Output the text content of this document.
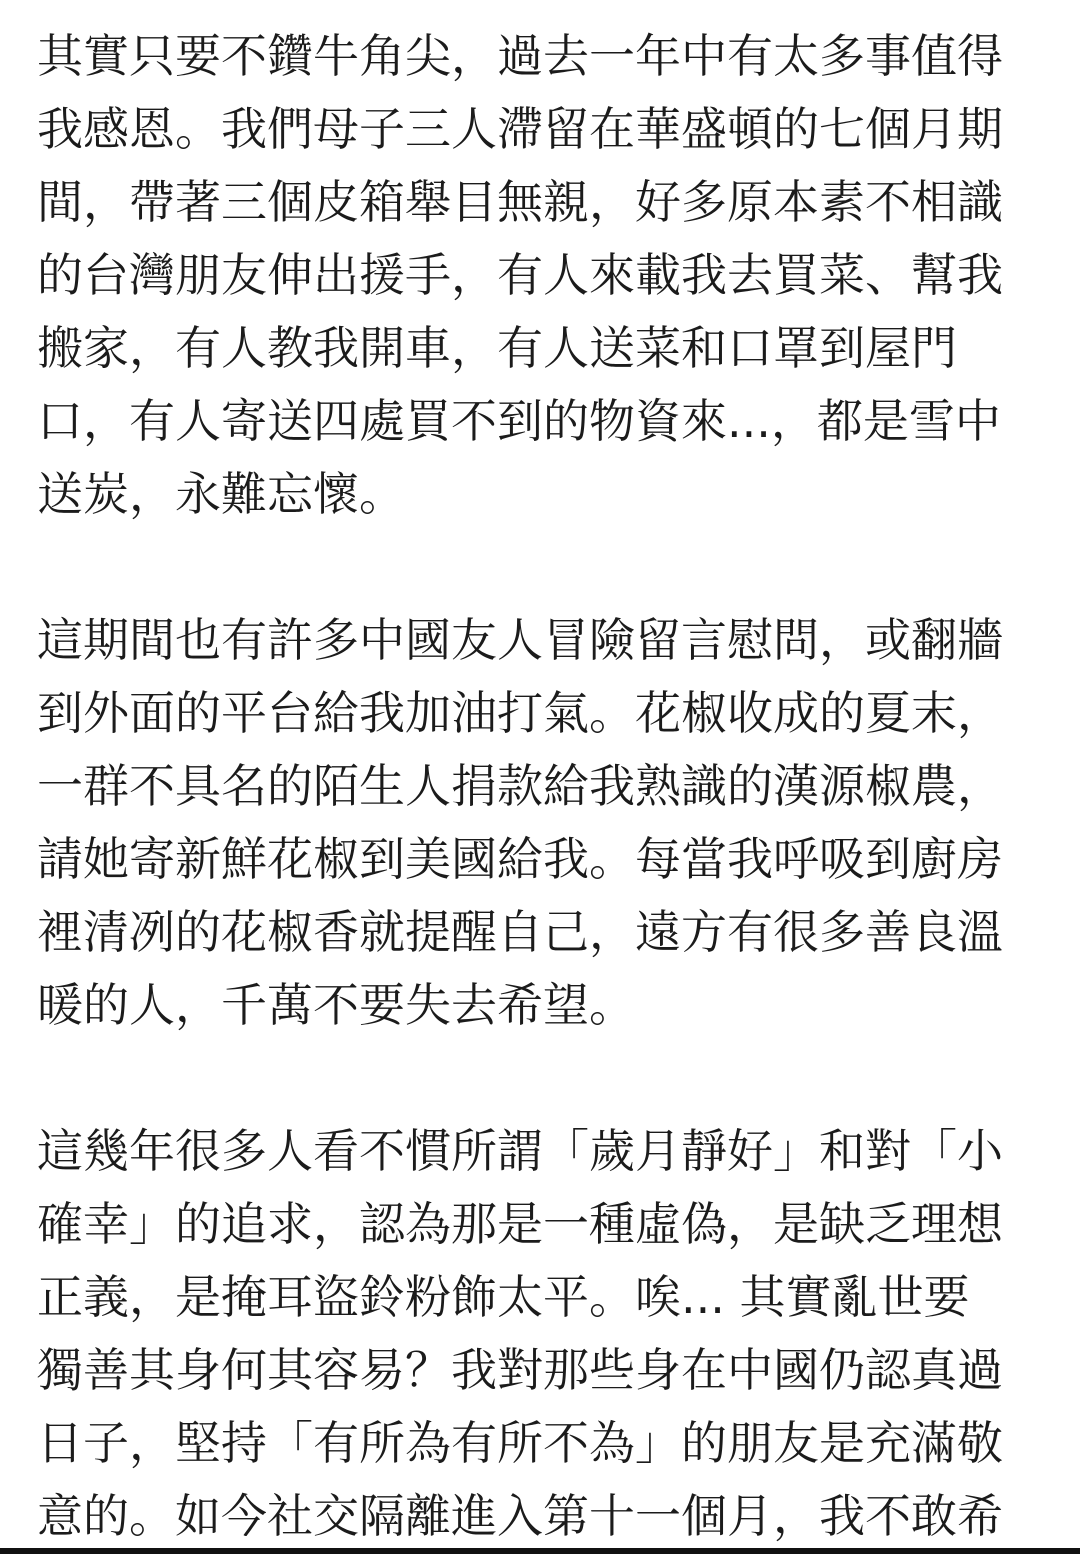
其實只要不鑽牛角尖，過去一年中有太多事值得
我感恩。我們母子三人滯留在華盛頓的七個月期
間，帶著三個皮箱舉目無親，好多原本素不相識
的台灣朋友伸出援手，有人來載我去買菜、幫我
搬家，有人教我開車，有人送菜和口罩到屋門
口，有人寄送四處買不到的物資來...，都是雪中
送炭，永難忘懷。
這期間也有許多中國友人冒險留言慰問，或翻牆
到外面的平台給我加油打氣。花椒收成的夏末，
一群不具名的陌生人捐款給我熟識的漢源椒農，
請她寄新鮮花椒到美國給我。每當我呼吸到廚房
裡清冽的花椒香就提醒自己，遠方有很多善良溫
暖的人，千萬不要失去希望。
這幾年很多人看不慣所謂「歲月靜好」和對「小
確幸」的追求，認為那是一種虛偽，是缺乏理想
正義，是掩耳盜鈴粉飾太平。唉... 其實亂世要
獨善其身何其容易？我對那些身在中國仍認真過
日子，堅持「有所為有所不為」的朋友是充滿敬
意的。如今社交隔離進入第十一個月，我不敢希
